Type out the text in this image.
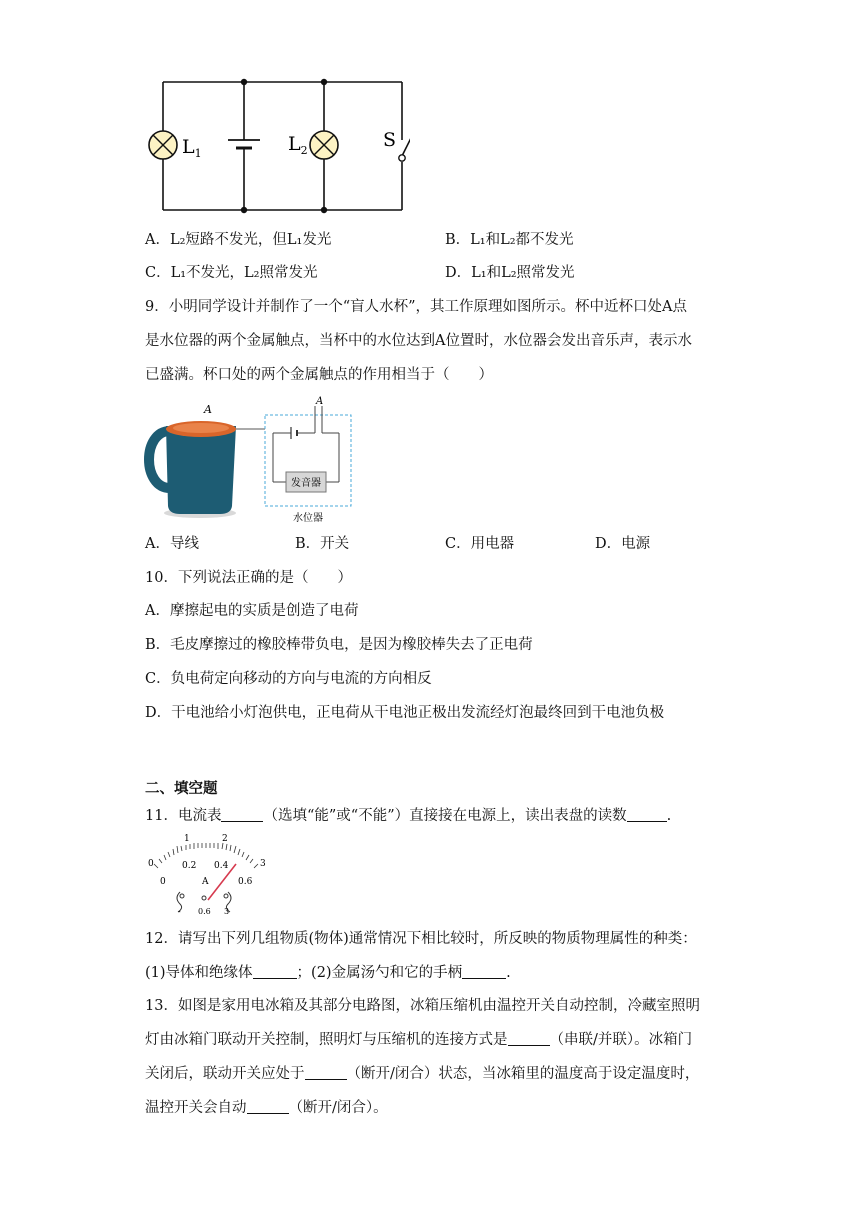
$L_1$	$L_2$	S
A．L₂短路不发光，但L₁发光	B．L₁和L₂都不发光
C．L₁不发光，L₂照常发光	D．L₁和L₂照常发光
9．小明同学设计并制作了一个“盲人水杯”，其工作原理如图所示。杯中近杯口处A点
是水位器的两个金属触点，当杯中的水位达到A位置时，水位器会发出音乐声，表示水
已盛满。杯口处的两个金属触点的作用相当于（　　）
A
A
发音器
水位器
A．导线	B．开关	C．用电器	D．电源
10．下列说法正确的是（　　）
A．摩擦起电的实质是创造了电荷
B．毛皮摩擦过的橡胶棒带负电，是因为橡胶棒失去了正电荷
C．负电荷定向移动的方向与电流的方向相反
D．干电池给小灯泡供电，正电荷从干电池正极出发流经灯泡最终回到干电池负极
二、填空题
11．电流表	（选填“能”或“不能”）直接接在电源上，读出表盘的读数	.
0
1	2
3
0
0.2 0.4
0.6
A
- 0.6 3
12．请写出下列几组物质(物体)通常情况下相比较时，所反映的物质物理属性的种类：
(1)导体和绝缘体	；(2)金属汤勺和它的手柄	.
13．如图是家用电冰箱及其部分电路图，冰箱压缩机由温控开关自动控制，冷藏室照明
灯由冰箱门联动开关控制，照明灯与压缩机的连接方式是	（串联/并联）。冰箱门
关闭后，联动开关应处于	（断开/闭合）状态，当冰箱里的温度高于设定温度时，
温控开关会自动	（断开/闭合）。
